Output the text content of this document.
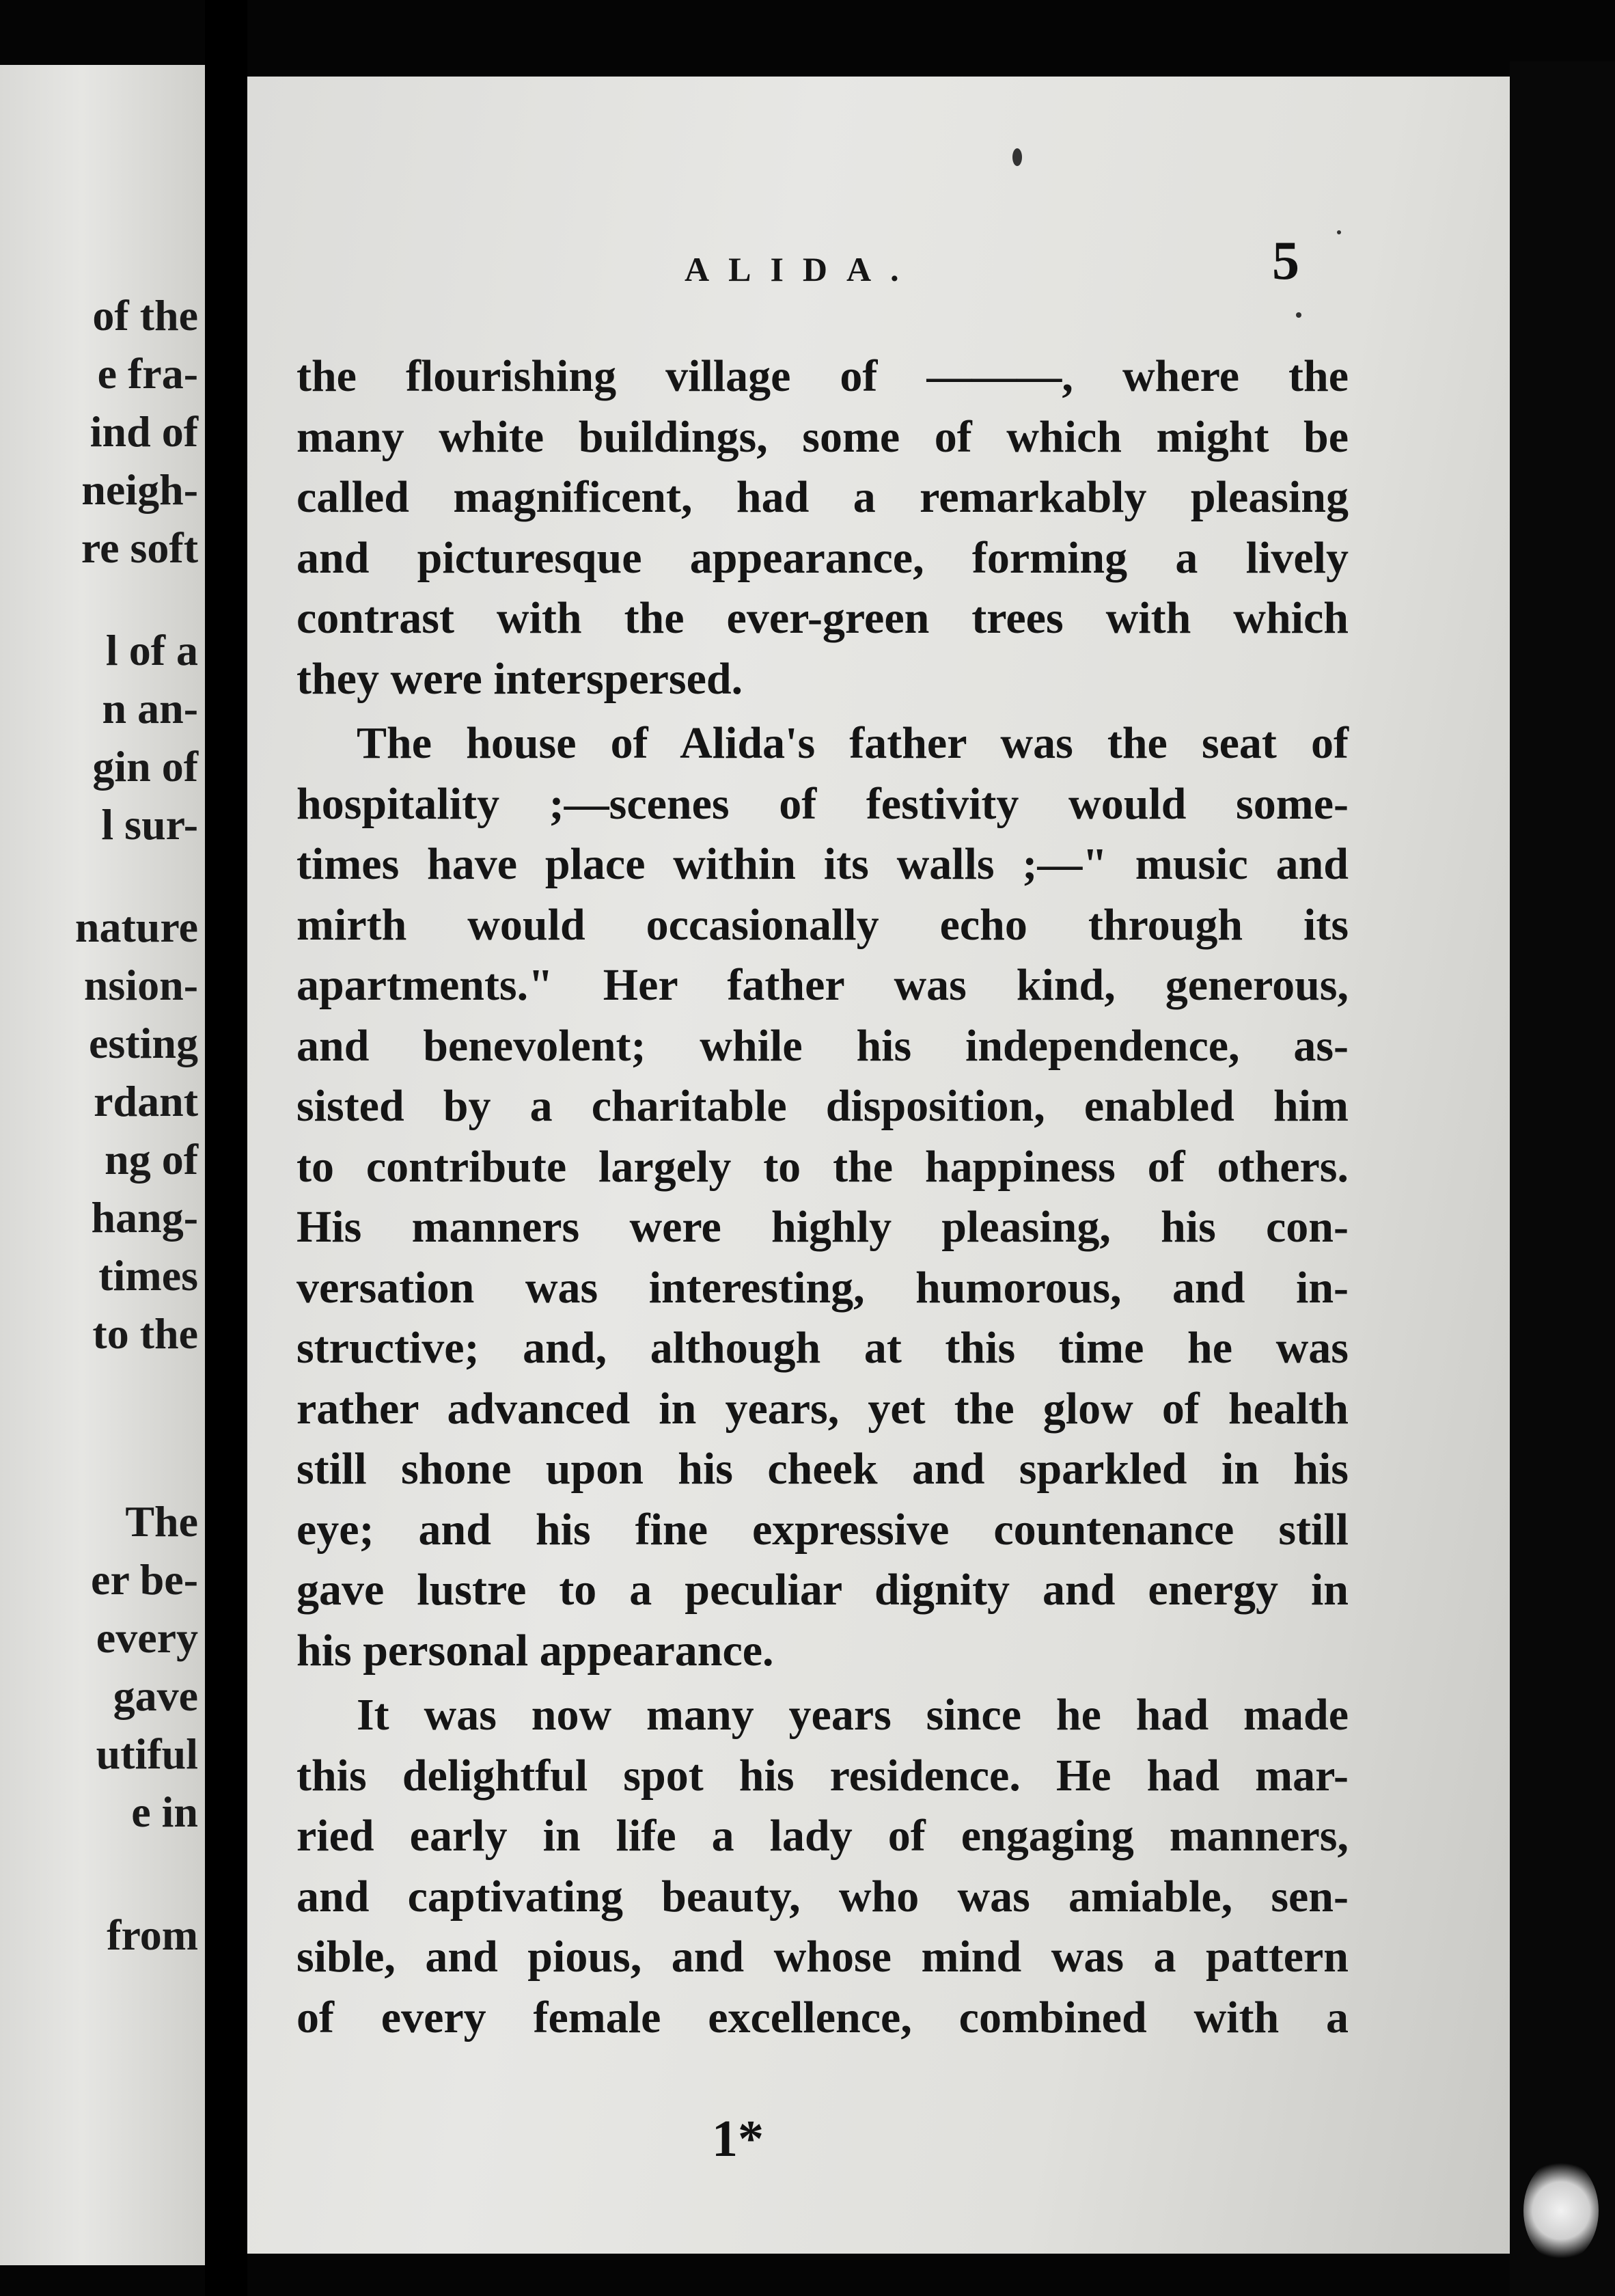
of the
e fra-
ind of
neigh-
re soft
l of a
n an-
gin of
l sur-
nature
nsion-
esting
rdant
ng of
hang-
times
to the
The
er be-
every
gave
utiful
e in
from
ALIDA.	5
the flourishing village of ———, where the
many white buildings, some of which might be
called magnificent, had a remarkably pleasing
and picturesque appearance, forming a lively
contrast with the ever-green trees with which
they were interspersed.
The house of Alida's father was the seat of
hospitality ;—scenes of festivity would some-
times have place within its walls ;—" music and
mirth would occasionally echo through its
apartments." Her father was kind, generous,
and benevolent; while his independence, as-
sisted by a charitable disposition, enabled him
to contribute largely to the happiness of others.
His manners were highly pleasing, his con-
versation was interesting, humorous, and in-
structive; and, although at this time he was
rather advanced in years, yet the glow of health
still shone upon his cheek and sparkled in his
eye; and his fine expressive countenance still
gave lustre to a peculiar dignity and energy in
his personal appearance.
It was now many years since he had made
this delightful spot his residence. He had mar-
ried early in life a lady of engaging manners,
and captivating beauty, who was amiable, sen-
sible, and pious, and whose mind was a pattern
of every female excellence, combined with a
1*
